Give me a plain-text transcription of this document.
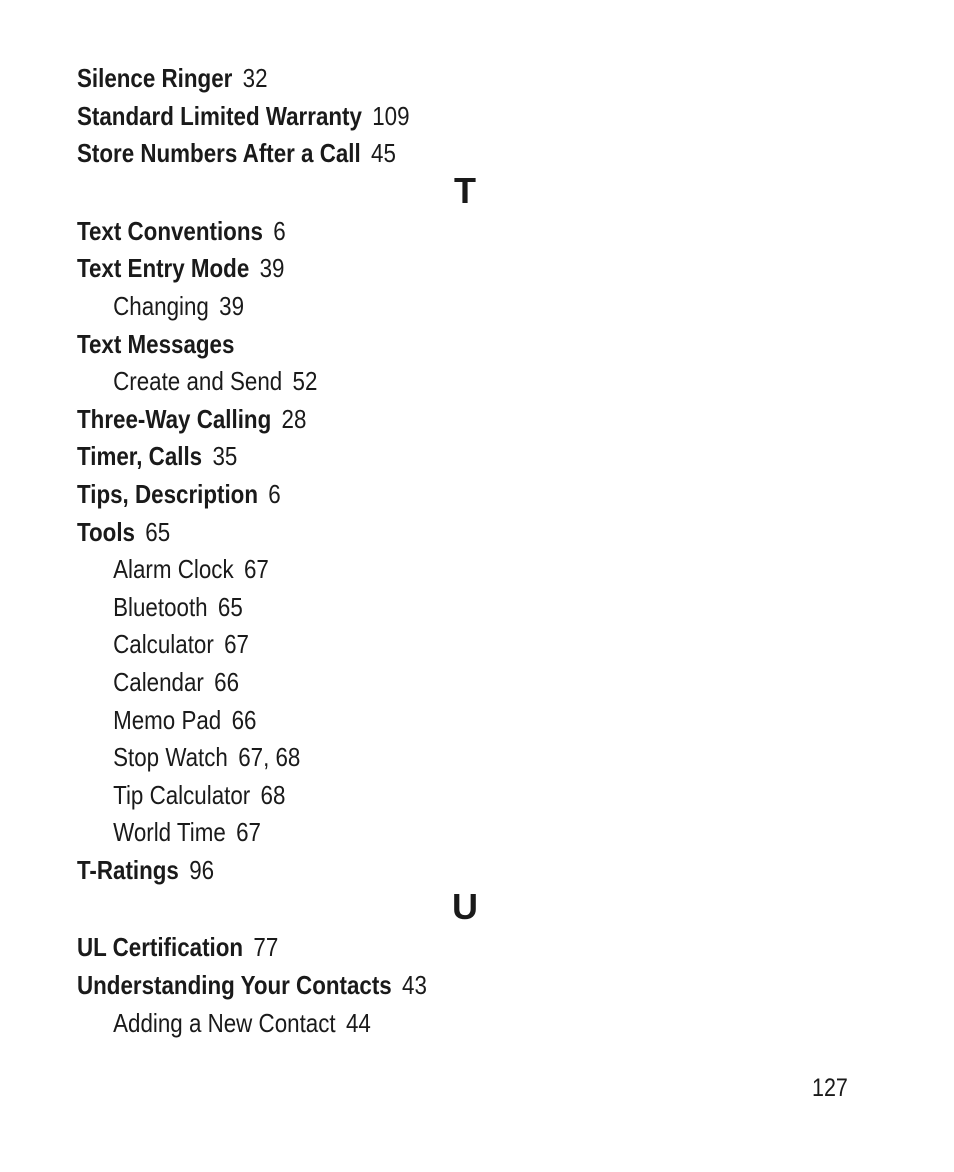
Silence Ringer 32
Standard Limited Warranty 109
Store Numbers After a Call 45
T
Text Conventions 6
Text Entry Mode 39
Changing 39
Text Messages
Create and Send 52
Three-Way Calling 28
Timer, Calls 35
Tips, Description 6
Tools 65
Alarm Clock 67
Bluetooth 65
Calculator 67
Calendar 66
Memo Pad 66
Stop Watch 67, 68
Tip Calculator 68
World Time 67
T-Ratings 96
U
UL Certification 77
Understanding Your Contacts 43
Adding a New Contact 44
127
